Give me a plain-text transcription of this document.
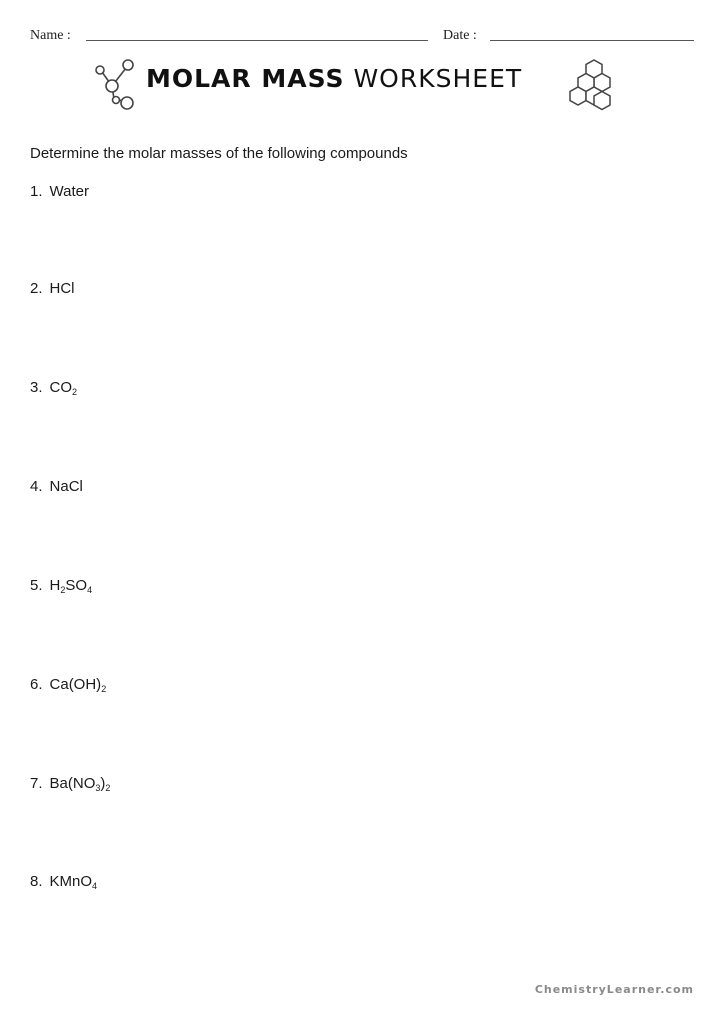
Name :	Date :
MOLAR MASS WORKSHEET
Determine the molar masses of the following compounds
1. Water
2. HCl
3. $CO_2$
4. NaCl
5. $H_2SO_4$
6. $Ca(OH)_2$
7. $Ba(NO_3)_2$
8. KMnO$_4$
ChemistryLearner.com
